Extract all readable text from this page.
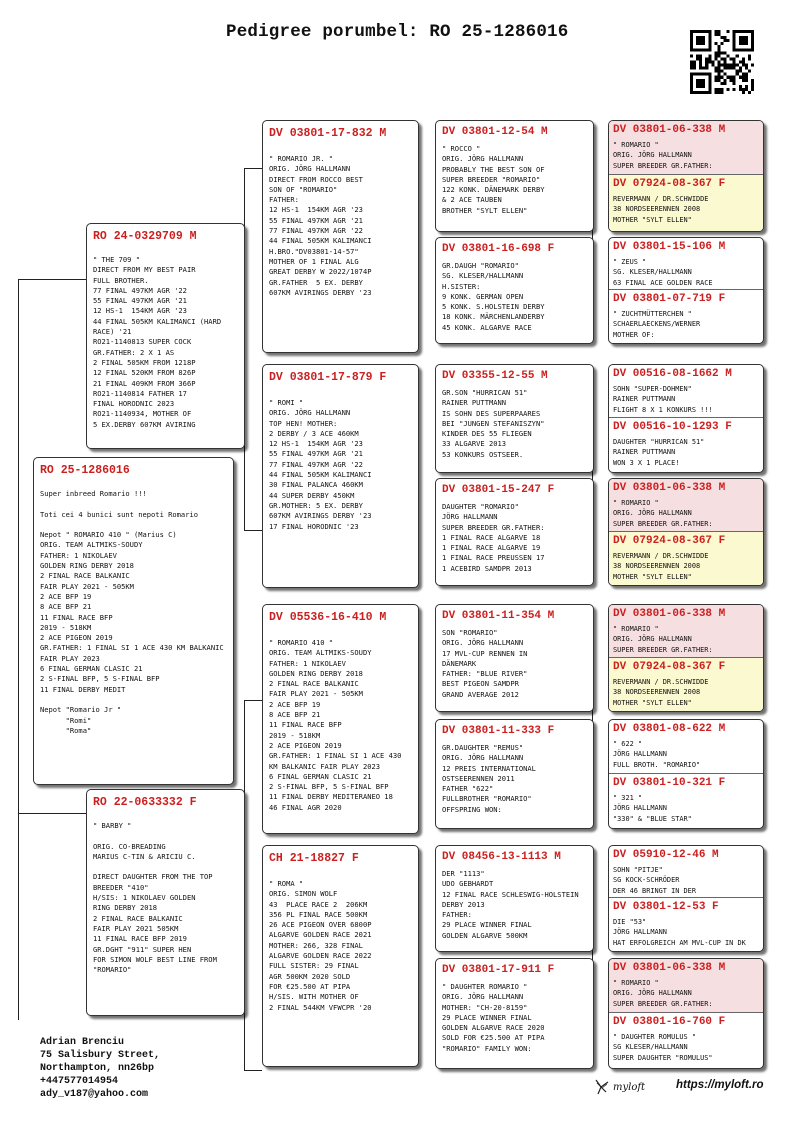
Pedigree porumbel: RO 25-1286016
RO 25-1286016
Super inbreed Romario !!!

Toti cei 4 bunici sunt nepoti Romario

Nepot " ROMARIO 410 " (Marius C)
ORIG. TEAM ALTMIKS-SOUDY
FATHER: 1 NIKOLAEV
GOLDEN RING DERBY 2018
2 FINAL RACE BALKANIC
FAIR PLAY 2021 - 505KM
2 ACE BFP 19
8 ACE BFP 21
11 FINAL RACE BFP
2019 - 518KM
2 ACE PIGEON 2019
GR.FATHER: 1 FINAL SI 1 ACE 430 KM BALKANIC FAIR PLAY 2023
6 FINAL GERMAN CLASIC 21
2 S-FINAL BFP, 5 S-FINAL BFP
11 FINAL DERBY MEDIT

Nepot "Romario Jr "
"Romi"
"Roma"
RO 24-0329709 M
" THE 709 "
DIRECT FROM MY BEST PAIR
FULL BROTHER.
77 FINAL 497KM AGR '22
55 FINAL 497KM AGR '21
12 HS-1  154KM AGR '23
44 FINAL 505KM KALIMANCI (HARD RACE) '21
RO21-1140813 SUPER COCK
GR.FATHER: 2 X 1 AS
2 FINAL 505KM FROM 1218P
12 FINAL 520KM FROM 826P
21 FINAL 409KM FROM 366P
RO21-1140814 FATHER 17
FINAL HORODNIC 2023
RO21-1140934, MOTHER OF
5 EX.DERBY 607KM AVIRING
RO 22-0633332 F
" BARBY "

ORIG. CO-BREADING
MARIUS C-TIN & ARICIU C.

DIRECT DAUGHTER FROM THE TOP BREEDER "410"
H/SIS: 1 NIKOLAEV GOLDEN
RING DERBY 2018
2 FINAL RACE BALKANIC
FAIR PLAY 2021 505KM
11 FINAL RACE BFP 2019
GR.DGHT "911" SUPER HEN
FOR SIMON WOLF BEST LINE FROM "ROMARIO"
DV 03801-17-832 M
" ROMARIO JR. "
ORIG. JÖRG HALLMANN
DIRECT FROM ROCCO BEST
SON OF "ROMARIO"
FATHER:
12 HS-1  154KM AGR '23
55 FINAL 497KM AGR '21
77 FINAL 497KM AGR '22
44 FINAL 505KM KALIMANCI
H.BRO."DV03801-14-57"
MOTHER OF 1 FINAL ALG
GREAT DERBY W 2022/1074P
GR.FATHER  5 EX. DERBY
607KM AVIRINGS DERBY '23
DV 03801-17-879 F
" ROMI "
ORIG. JÖRG HALLMANN
TOP HEN! MOTHER:
2 DERBY / 3 ACE 460KM
12 HS-1  154KM AGR '23
55 FINAL 497KM AGR '21
77 FINAL 497KM AGR '22
44 FINAL 505KM KALIMANCI
30 FINAL PALANCA 460KM
44 SUPER DERBY 450KM
GR.MOTHER: 5 EX. DERBY
607KM AVIRINGS DERBY '23
17 FINAL HORODNIC '23
DV 05536-16-410 M
" ROMARIO 410 "
ORIG. TEAM ALTMIKS-SOUDY
FATHER: 1 NIKOLAEV
GOLDEN RING DERBY 2018
2 FINAL RACE BALKANIC
FAIR PLAY 2021 - 505KM
2 ACE BFP 19
8 ACE BFP 21
11 FINAL RACE BFP
2019 - 518KM
2 ACE PIGEON 2019
GR.FATHER: 1 FINAL SI 1 ACE 430 KM BALKANIC FAIR PLAY 2023
6 FINAL GERMAN CLASIC 21
2 S-FINAL BFP, 5 S-FINAL BFP
11 FINAL DERBY MEDITERANEO 18
46 FINAL AGR 2020
CH 21-18827 F
" ROMA "
ORIG. SIMON WOLF
43  PLACE RACE 2  206KM
356 PL FINAL RACE 500KM
26 ACE PIGEON OVER 6800P
ALGARVE GOLDEN RACE 2021
MOTHER: 266, 328 FINAL
ALGARVE GOLDEN RACE 2022
FULL SISTER: 29 FINAL
AGR 500KM 2020 SOLD
FOR €25.500 AT PIPA
H/SIS. WITH MOTHER OF
2 FINAL 544KM VFWCPR '20
DV 03801-12-54 M
" ROCCO "
ORIG. JÖRG HALLMANN
PROBABLY THE BEST SON OF
SUPER BREEDER "ROMARIO"
122 KONK. DÄNEMARK DERBY
& 2 ACE TAUBEN
BROTHER "SYLT ELLEN"
DV 03801-16-698 F
GR.DAUGH "ROMARIO"
SG. KLESER/HALLMANN
H.SISTER:
9 KONK. GERMAN OPEN
5 KONK. S.HOLSTEIN DERBY
18 KONK. MÄRCHENLANDERBY
45 KONK. ALGARVE RACE
DV 03355-12-55 M
GR.SON "HURRICAN 51"
RAINER PUTTMANN
IS SOHN DES SUPERPAARES
BEI "JUNGEN STEFANISZYN"
KINDER DES 55 FLIEGEN
33 ALGARVE 2013
53 KONKURS OSTSEER.
DV 03801-15-247 F
DAUGHTER "ROMARIO"
JÖRG HALLMANN
SUPER BREEDER GR.FATHER:
1 FINAL RACE ALGARVE 18
1 FINAL RACE ALGARVE 19
1 FINAL RACE PREUSSEN 17
1 ACEBIRD SAMDPR 2013
DV 03801-11-354 M
SON "ROMARIO"
ORIG. JÖRG HALLMANN
17 MVL-CUP RENNEN IN
DÄNEMARK
FATHER: "BLUE RIVER"
BEST PIGEON SAMDPR
GRAND AVERAGE 2012
DV 03801-11-333 F
GR.DAUGHTER "REMUS"
ORIG. JÖRG HALLMANN
12 PREIS INTERNATIONAL
OSTSEERENNEN 2011
FATHER "622"
FULLBROTHER "ROMARIO"
OFFSPRING WON:
DV 08456-13-1113 M
DER "1113"
UDO GEBHARDT
12 FINAL RACE SCHLESWIG-HOLSTEIN
DERBY 2013
FATHER:
29 PLACE WINNER FINAL
GOLDEN ALGARVE 500KM
DV 03801-17-911 F
" DAUGHTER ROMARIO "
ORIG. JÖRG HALLMANN
MOTHER: "CH-20-8159"
29 PLACE WINNER FINAL
GOLDEN ALGARVE RACE 2020
SOLD FOR €25.500 AT PIPA
"ROMARIO" FAMILY WON:
DV 03801-06-338 M
" ROMARIO "
ORIG. JÖRG HALLMANN
SUPER BREEDER GR.FATHER:
DV 07924-08-367 F
REVERMANN / DR.SCHWIDDE
38 NORDSEERENNEN 2008
MOTHER "SYLT ELLEN"
DV 03801-15-106 M
" ZEUS "
SG. KLESER/HALLMANN
63 FINAL ACE GOLDEN RACE
DV 03801-07-719 F
" ZUCHTMÜTTERCHEN "
SCHAERLAECKENS/WERNER
MOTHER OF:
DV 00516-08-1662 M
SOHN "SUPER-DOHMEN"
RAINER PUTTMANN
FLIGHT 8 X 1 KONKURS !!!
DV 00516-10-1293 F
DAUGHTER "HURRICAN 51"
RAINER PUTTMANN
WON 3 X 1 PLACE!
DV 03801-06-338 M
" ROMARIO "
ORIG. JÖRG HALLMANN
SUPER BREEDER GR.FATHER:
DV 07924-08-367 F
REVERMANN / DR.SCHWIDDE
38 NORDSEERENNEN 2008
MOTHER "SYLT ELLEN"
DV 03801-06-338 M
" ROMARIO "
ORIG. JÖRG HALLMANN
SUPER BREEDER GR.FATHER:
DV 07924-08-367 F
REVERMANN / DR.SCHWIDDE
38 NORDSEERENNEN 2008
MOTHER "SYLT ELLEN"
DV 03801-08-622 M
" 622 "
JÖRG HALLMANN
FULL BROTH. "ROMARIO"
DV 03801-10-321 F
" 321 "
JÖRG HALLMANN
"330" & "BLUE STAR"
DV 05910-12-46 M
SOHN "PITJE"
SG KOCK-SCHRÖDER
DER 46 BRINGT IN DER
DV 03801-12-53 F
DIE "53"
JÖRG HALLMANN
HAT ERFOLGREICH AM MVL-CUP IN DK
DV 03801-06-338 M
" ROMARIO "
ORIG. JÖRG HALLMANN
SUPER BREEDER GR.FATHER:
DV 03801-16-760 F
" DAUGHTER ROMULUS "
SG KLESER/HALLMANN
SUPER DAUGHTER "ROMULUS"
Adrian Brenciu
75 Salisbury Street,
Northampton, nn26bp
+447577014954
ady_v187@yahoo.com
myloft	https://myloft.ro
